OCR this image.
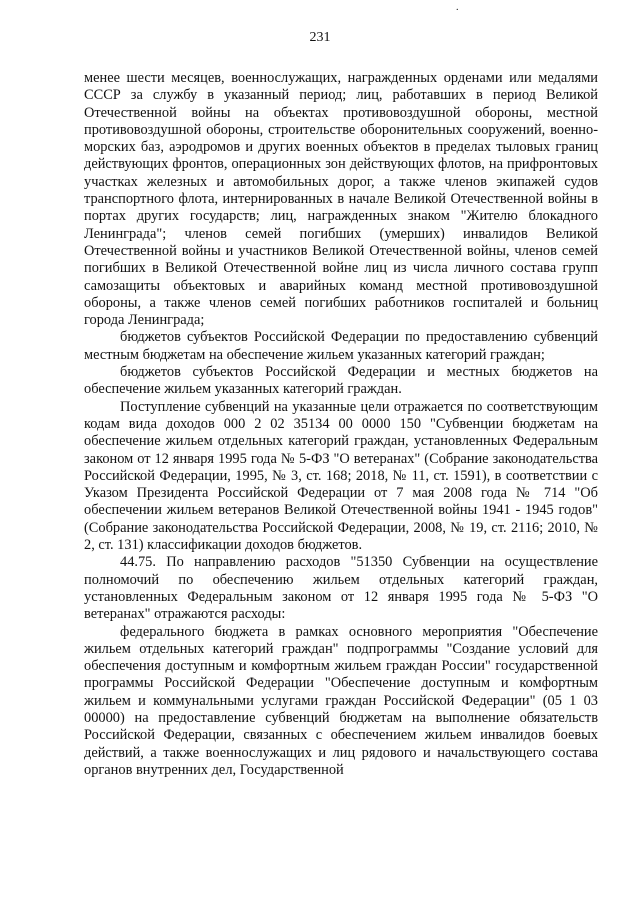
.
231

менее шести месяцев, военнослужащих, награжденных орденами или медалями СССР за службу в указанный период; лиц, работавших в период Великой Отечественной войны на объектах противовоздушной обороны, местной противовоздушной обороны, строительстве оборонительных сооружений, военно-морских баз, аэродромов и других военных объектов в пределах тыловых границ действующих фронтов, операционных зон действующих флотов, на прифронтовых участках железных и автомобильных дорог, а также членов экипажей судов транспортного флота, интернированных в начале Великой Отечественной войны в портах других государств; лиц, награжденных знаком "Жителю блокадного Ленинграда"; членов семей погибших (умерших) инвалидов Великой Отечественной войны и участников Великой Отечественной войны, членов семей погибших в Великой Отечественной войне лиц из числа личного состава групп самозащиты объектовых и аварийных команд местной противовоздушной обороны, а также членов семей погибших работников госпиталей и больниц города Ленинграда;

бюджетов субъектов Российской Федерации по предоставлению субвенций местным бюджетам на обеспечение жильем указанных категорий граждан;

бюджетов субъектов Российской Федерации и местных бюджетов на обеспечение жильем указанных категорий граждан.

Поступление субвенций на указанные цели отражается по соответствующим кодам вида доходов 000 2 02 35134 00 0000 150 "Субвенции бюджетам на обеспечение жильем отдельных категорий граждан, установленных Федеральным законом от 12 января 1995 года № 5-ФЗ "О ветеранах" (Собрание законодательства Российской Федерации, 1995, № 3, ст. 168; 2018, № 11, ст. 1591), в соответствии с Указом Президента Российской Федерации от 7 мая 2008 года № 714 "Об обеспечении жильем ветеранов Великой Отечественной войны 1941 - 1945 годов" (Собрание законодательства Российской Федерации, 2008, № 19, ст. 2116; 2010, № 2, ст. 131) классификации доходов бюджетов.

44.75. По направлению расходов "51350 Субвенции на осуществление полномочий по обеспечению жильем отдельных категорий граждан, установленных Федеральным законом от 12 января 1995 года № 5-ФЗ "О ветеранах" отражаются расходы:

федерального бюджета в рамках основного мероприятия "Обеспечение жильем отдельных категорий граждан" подпрограммы "Создание условий для обеспечения доступным и комфортным жильем граждан России" государственной программы Российской Федерации "Обеспечение доступным и комфортным жильем и коммунальными услугами граждан Российской Федерации" (05 1 03 00000) на предоставление субвенций бюджетам на выполнение обязательств Российской Федерации, связанных с обеспечением жильем инвалидов боевых действий, а также военнослужащих и лиц рядового и начальствующего состава органов внутренних дел, Государственной
